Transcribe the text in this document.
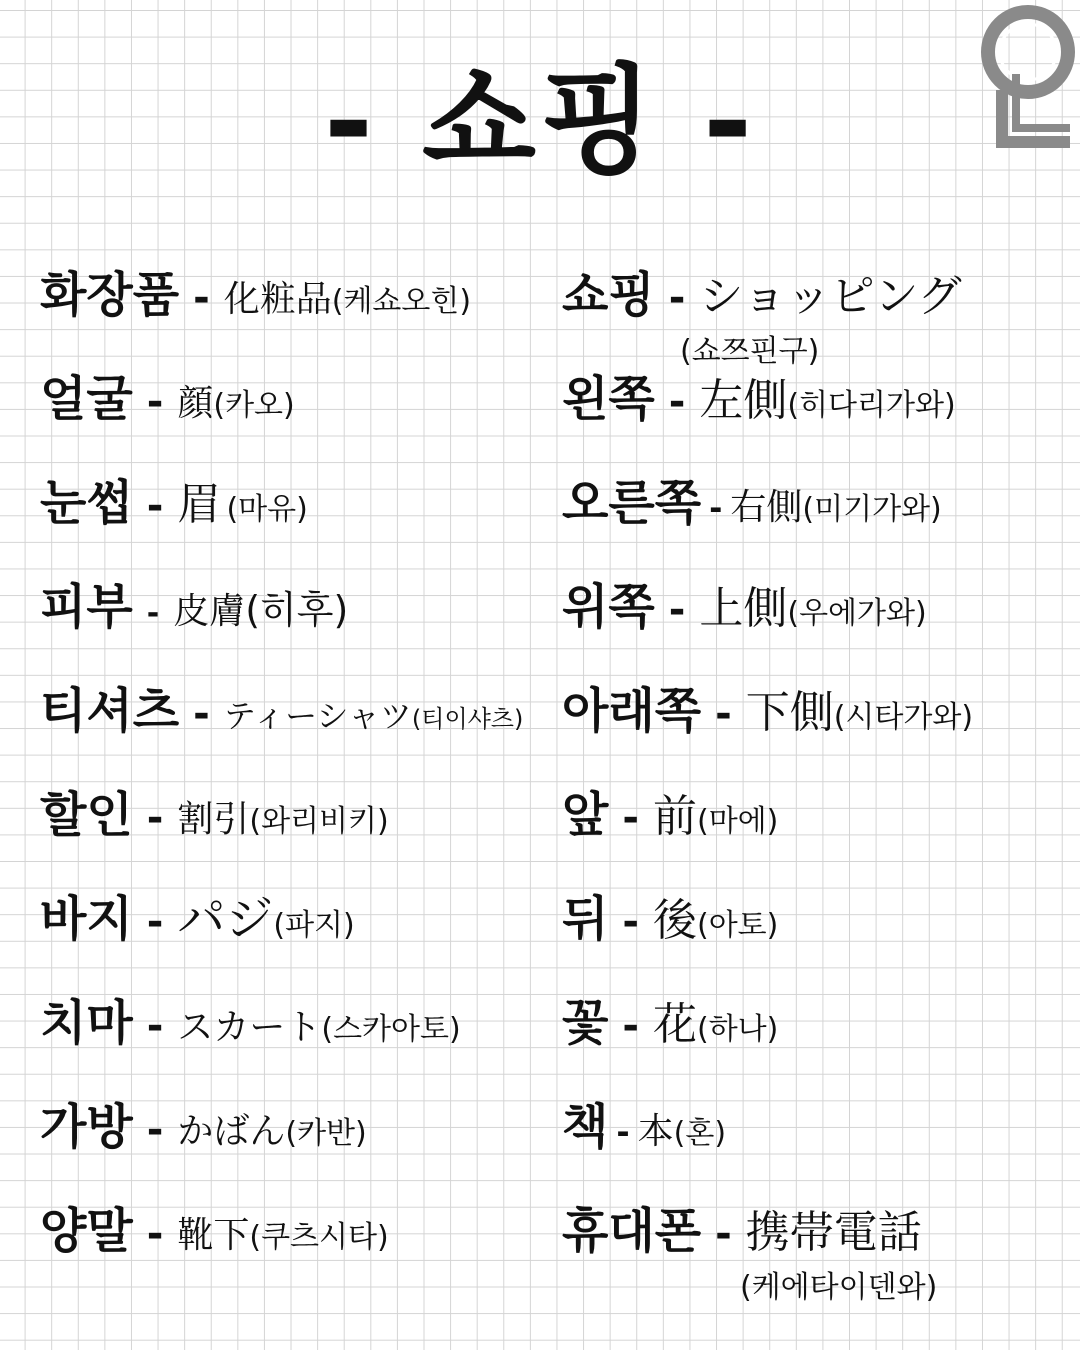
- 쇼핑 -
화장품 - 化粧品(케쇼오힌)
얼굴 - 顔(카오)
눈썹 - 眉 (마유)
피부 - 皮膚(히후)
티셔츠 - ティーシャツ(티이샤츠)
할인 - 割引(와리비키)
바지 - パジ(파지)
치마 - スカート(스카아토)
가방 - かばん(카반)
양말 - 靴下(쿠츠시타)
쇼핑 - ショッピング
(쇼쯔핀구)
왼쪽 - 左側(히다리가와)
오른쪽 - 右側(미기가와)
위쪽 - 上側(우에가와)
아래쪽 - 下側(시타가와)
앞 - 前(마에)
뒤 - 後(아토)
꽃 - 花(하나)
책 - 本(혼)
휴대폰 - 携帯電話
(케에타이덴와)
